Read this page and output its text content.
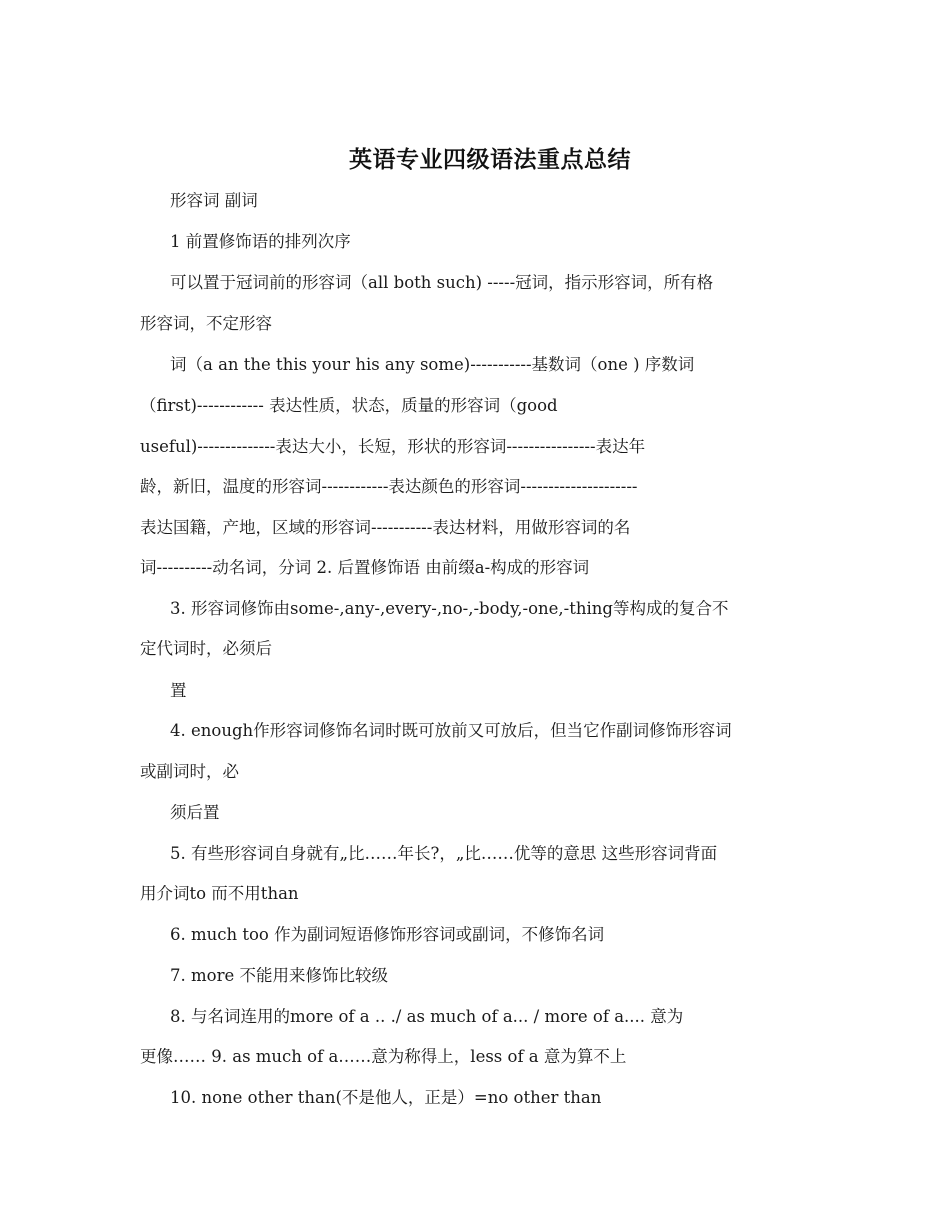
英语专业四级语法重点总结

形容词 副词

1 前置修饰语的排列次序

可以置于冠词前的形容词（all both such) -----冠词，指示形容词，所有格

形容词，不定形容

词（a an the this your his any some)-----------基数词（one ) 序数词

（first)------------ 表达性质，状态，质量的形容词（good

useful)--------------表达大小，长短，形状的形容词----------------表达年

龄，新旧，温度的形容词------------表达颜色的形容词---------------------

表达国籍，产地，区域的形容词-----------表达材料，用做形容词的名

词----------动名词，分词 2. 后置修饰语 由前缀a-构成的形容词

3. 形容词修饰由some-,any-,every-,no-,-body,-one,-thing等构成的复合不

定代词时，必须后

置

4. enough作形容词修饰名词时既可放前又可放后，但当它作副词修饰形容词

或副词时，必

须后置

5. 有些形容词自身就有„比……年长?，„比……优等的意思 这些形容词背面

用介词to 而不用than

6. much too 作为副词短语修饰形容词或副词，不修饰名词

7. more 不能用来修饰比较级

8. 与名词连用的more of a .. ./ as much of a... / more of a.... 意为

更像…… 9. as much of a……意为称得上，less of a 意为算不上

10. none other than(不是他人，正是）=no other than
